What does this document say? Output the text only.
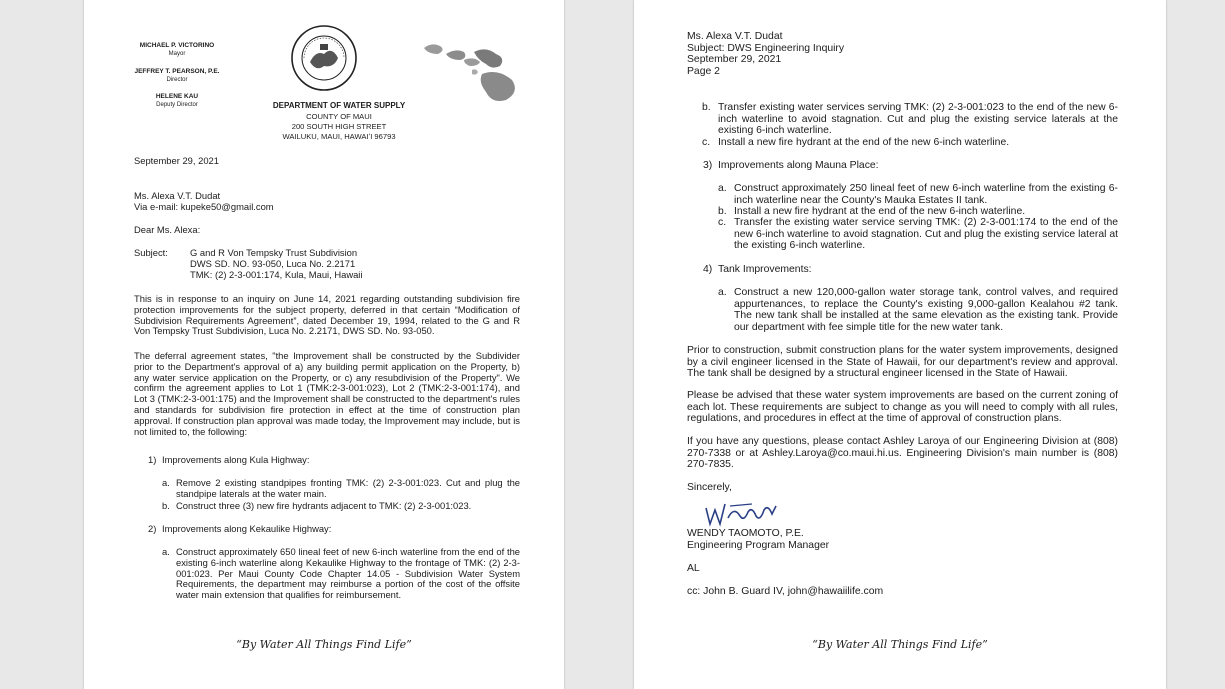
MICHAEL P. VICTORINO
Mayor
JEFFREY T. PEARSON, P.E.
Director
HELENE KAU
Deputy Director	DEPARTMENT OF WATER SUPPLY
COUNTY OF MAUI
200 SOUTH HIGH STREET
WAILUKU, MAUI, HAWAIʻI 96793
September 29, 2021
Ms. Alexa V.T. Dudat
Via e-mail: kupeke50@gmail.com
Dear Ms. Alexa:
Subject: G and R Von Tempsky Trust Subdivision
DWS SD. NO. 93-050, Luca No. 2.2171
TMK: (2) 2-3-001:174, Kula, Maui, Hawaii
This is in response to an inquiry on June 14, 2021 regarding outstanding subdivision fire protection improvements for the subject property, deferred in that certain “Modification of Subdivision Requirements Agreement”, dated December 19, 1994, related to the G and R Von Tempsky Trust Subdivision, Luca No. 2.2171, DWS SD. No. 93-050.
The deferral agreement states, "the Improvement shall be constructed by the Subdivider prior to the Department's approval of a) any building permit application on the Property, b) any water service application on the Property, or c) any resubdivision of the Property". We confirm the agreement applies to Lot 1 (TMK:2-3-001:023), Lot 2 (TMK:2-3-001:174), and Lot 3 (TMK:2-3-001:175) and the Improvement shall be constructed to the department's rules and standards for subdivision fire protection in effect at the time of construction plan approval. If construction plan approval was made today, the Improvement may include, but is not limited to, the following:
1) Improvements along Kula Highway:
a. Remove 2 existing standpipes fronting TMK: (2) 2-3-001:023. Cut and plug the standpipe laterals at the water main.
b. Construct three (3) new fire hydrants adjacent to TMK: (2) 2-3-001:023.
2) Improvements along Kekaulike Highway:
a. Construct approximately 650 lineal feet of new 6-inch waterline from the end of the existing 6-inch waterline along Kekaulike Highway to the frontage of TMK: (2) 2-3-001:023. Per Maui County Code Chapter 14.05 - Subdivision Water System Requirements, the department may reimburse a portion of the cost of the offsite water main extension that qualifies for reimbursement.
“By Water All Things Find Life”
Ms. Alexa V.T. Dudat
Subject: DWS Engineering Inquiry
September 29, 2021
Page 2
b. Transfer existing water services serving TMK: (2) 2-3-001:023 to the end of the new 6-inch waterline to avoid stagnation. Cut and plug the existing service laterals at the existing 6-inch waterline.
c. Install a new fire hydrant at the end of the new 6-inch waterline.
3) Improvements along Mauna Place:
a. Construct approximately 250 lineal feet of new 6-inch waterline from the existing 6-inch waterline near the County's Mauka Estates II tank.
b. Install a new fire hydrant at the end of the new 6-inch waterline.
c. Transfer the existing water service serving TMK: (2) 2-3-001:174 to the end of the new 6-inch waterline to avoid stagnation. Cut and plug the existing service lateral at the existing 6-inch waterline.
4) Tank Improvements:
a. Construct a new 120,000-gallon water storage tank, control valves, and required appurtenances, to replace the County's existing 9,000-gallon Kealahou #2 tank. The new tank shall be installed at the same elevation as the existing tank. Provide our department with fee simple title for the new water tank.
Prior to construction, submit construction plans for the water system improvements, designed by a civil engineer licensed in the State of Hawaii, for our department's review and approval. The tank shall be designed by a structural engineer licensed in the State of Hawaii.
Please be advised that these water system improvements are based on the current zoning of each lot. These requirements are subject to change as you will need to comply with all rules, regulations, and procedures in effect at the time of approval of construction plans.
If you have any questions, please contact Ashley Laroya of our Engineering Division at (808) 270-7338 or at Ashley.Laroya@co.maui.hi.us. Engineering Division's main number is (808) 270-7835.
Sincerely,
WENDY TAOMOTO, P.E.
Engineering Program Manager
AL
cc: John B. Guard IV, john@hawaiilife.com
“By Water All Things Find Life”
